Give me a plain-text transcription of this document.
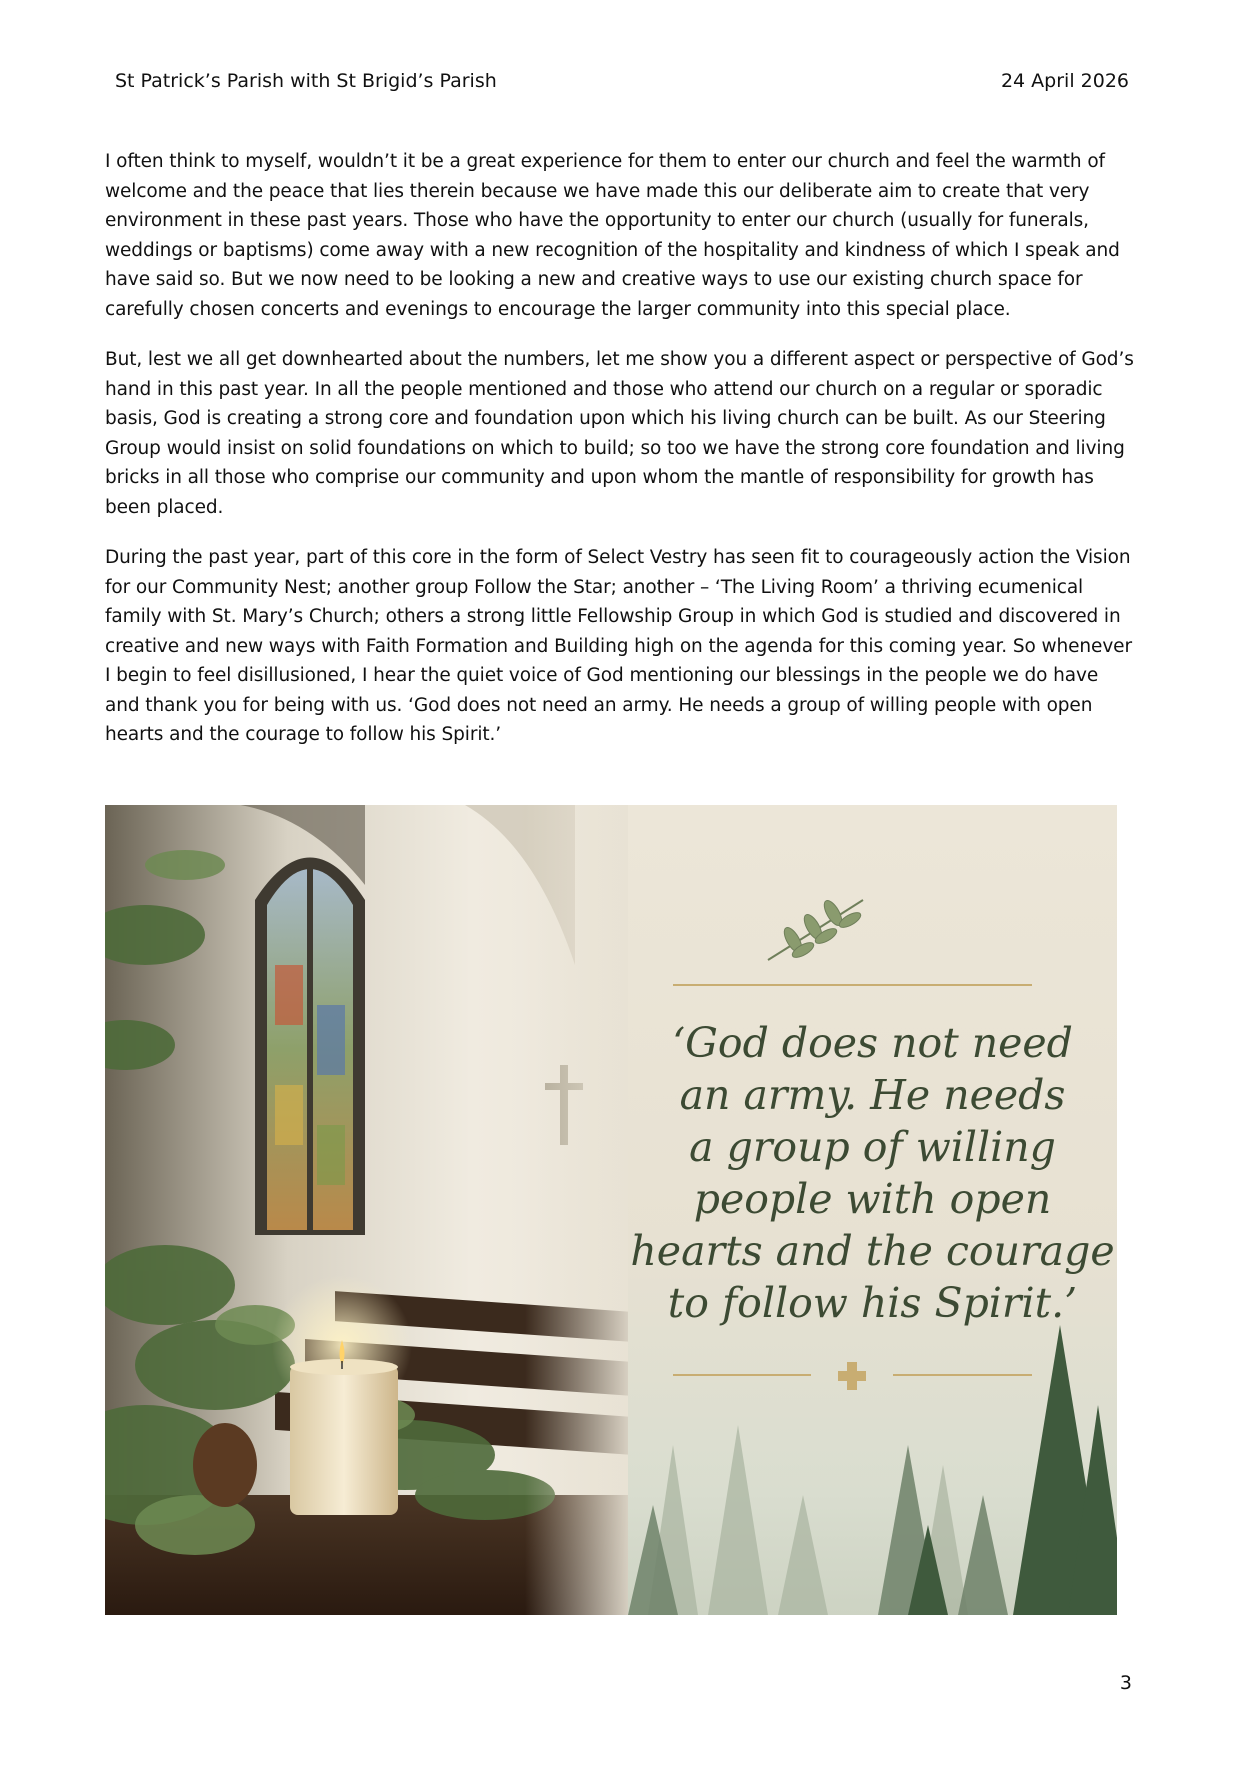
St Patrick’s Parish with St Brigid’s Parish	24 April 2026

I often think to myself, wouldn’t it be a great experience for them to enter our church and feel the warmth of welcome and the peace that lies therein because we have made this our deliberate aim to create that very environment in these past years. Those who have the opportunity to enter our church (usually for funerals, weddings or baptisms) come away with a new recognition of the hospitality and kindness of which I speak and have said so. But we now need to be looking a new and creative ways to use our existing church space for carefully chosen concerts and evenings to encourage the larger community into this special place.

But, lest we all get downhearted about the numbers, let me show you a different aspect or perspective of God’s hand in this past year. In all the people mentioned and those who attend our church on a regular or sporadic basis, God is creating a strong core and foundation upon which his living church can be built. As our Steering Group would insist on solid foundations on which to build; so too we have the strong core foundation and living bricks in all those who comprise our community and upon whom the mantle of responsibility for growth has been placed.

During the past year, part of this core in the form of Select Vestry has seen fit to courageously action the Vision for our Community Nest; another group Follow the Star; another – ‘The Living Room’ a thriving ecumenical family with St. Mary’s Church; others a strong little Fellowship Group in which God is studied and discovered in creative and new ways with Faith Formation and Building high on the agenda for this coming year. So whenever I begin to feel disillusioned, I hear the quiet voice of God mentioning our blessings in the people we do have and thank you for being with us. ‘God does not need an army. He needs a group of willing people with open hearts and the courage to follow his Spirit.’

‘God does not need
an army. He needs
a group of willing
people with open
hearts and the courage
to follow his Spirit.’
3
